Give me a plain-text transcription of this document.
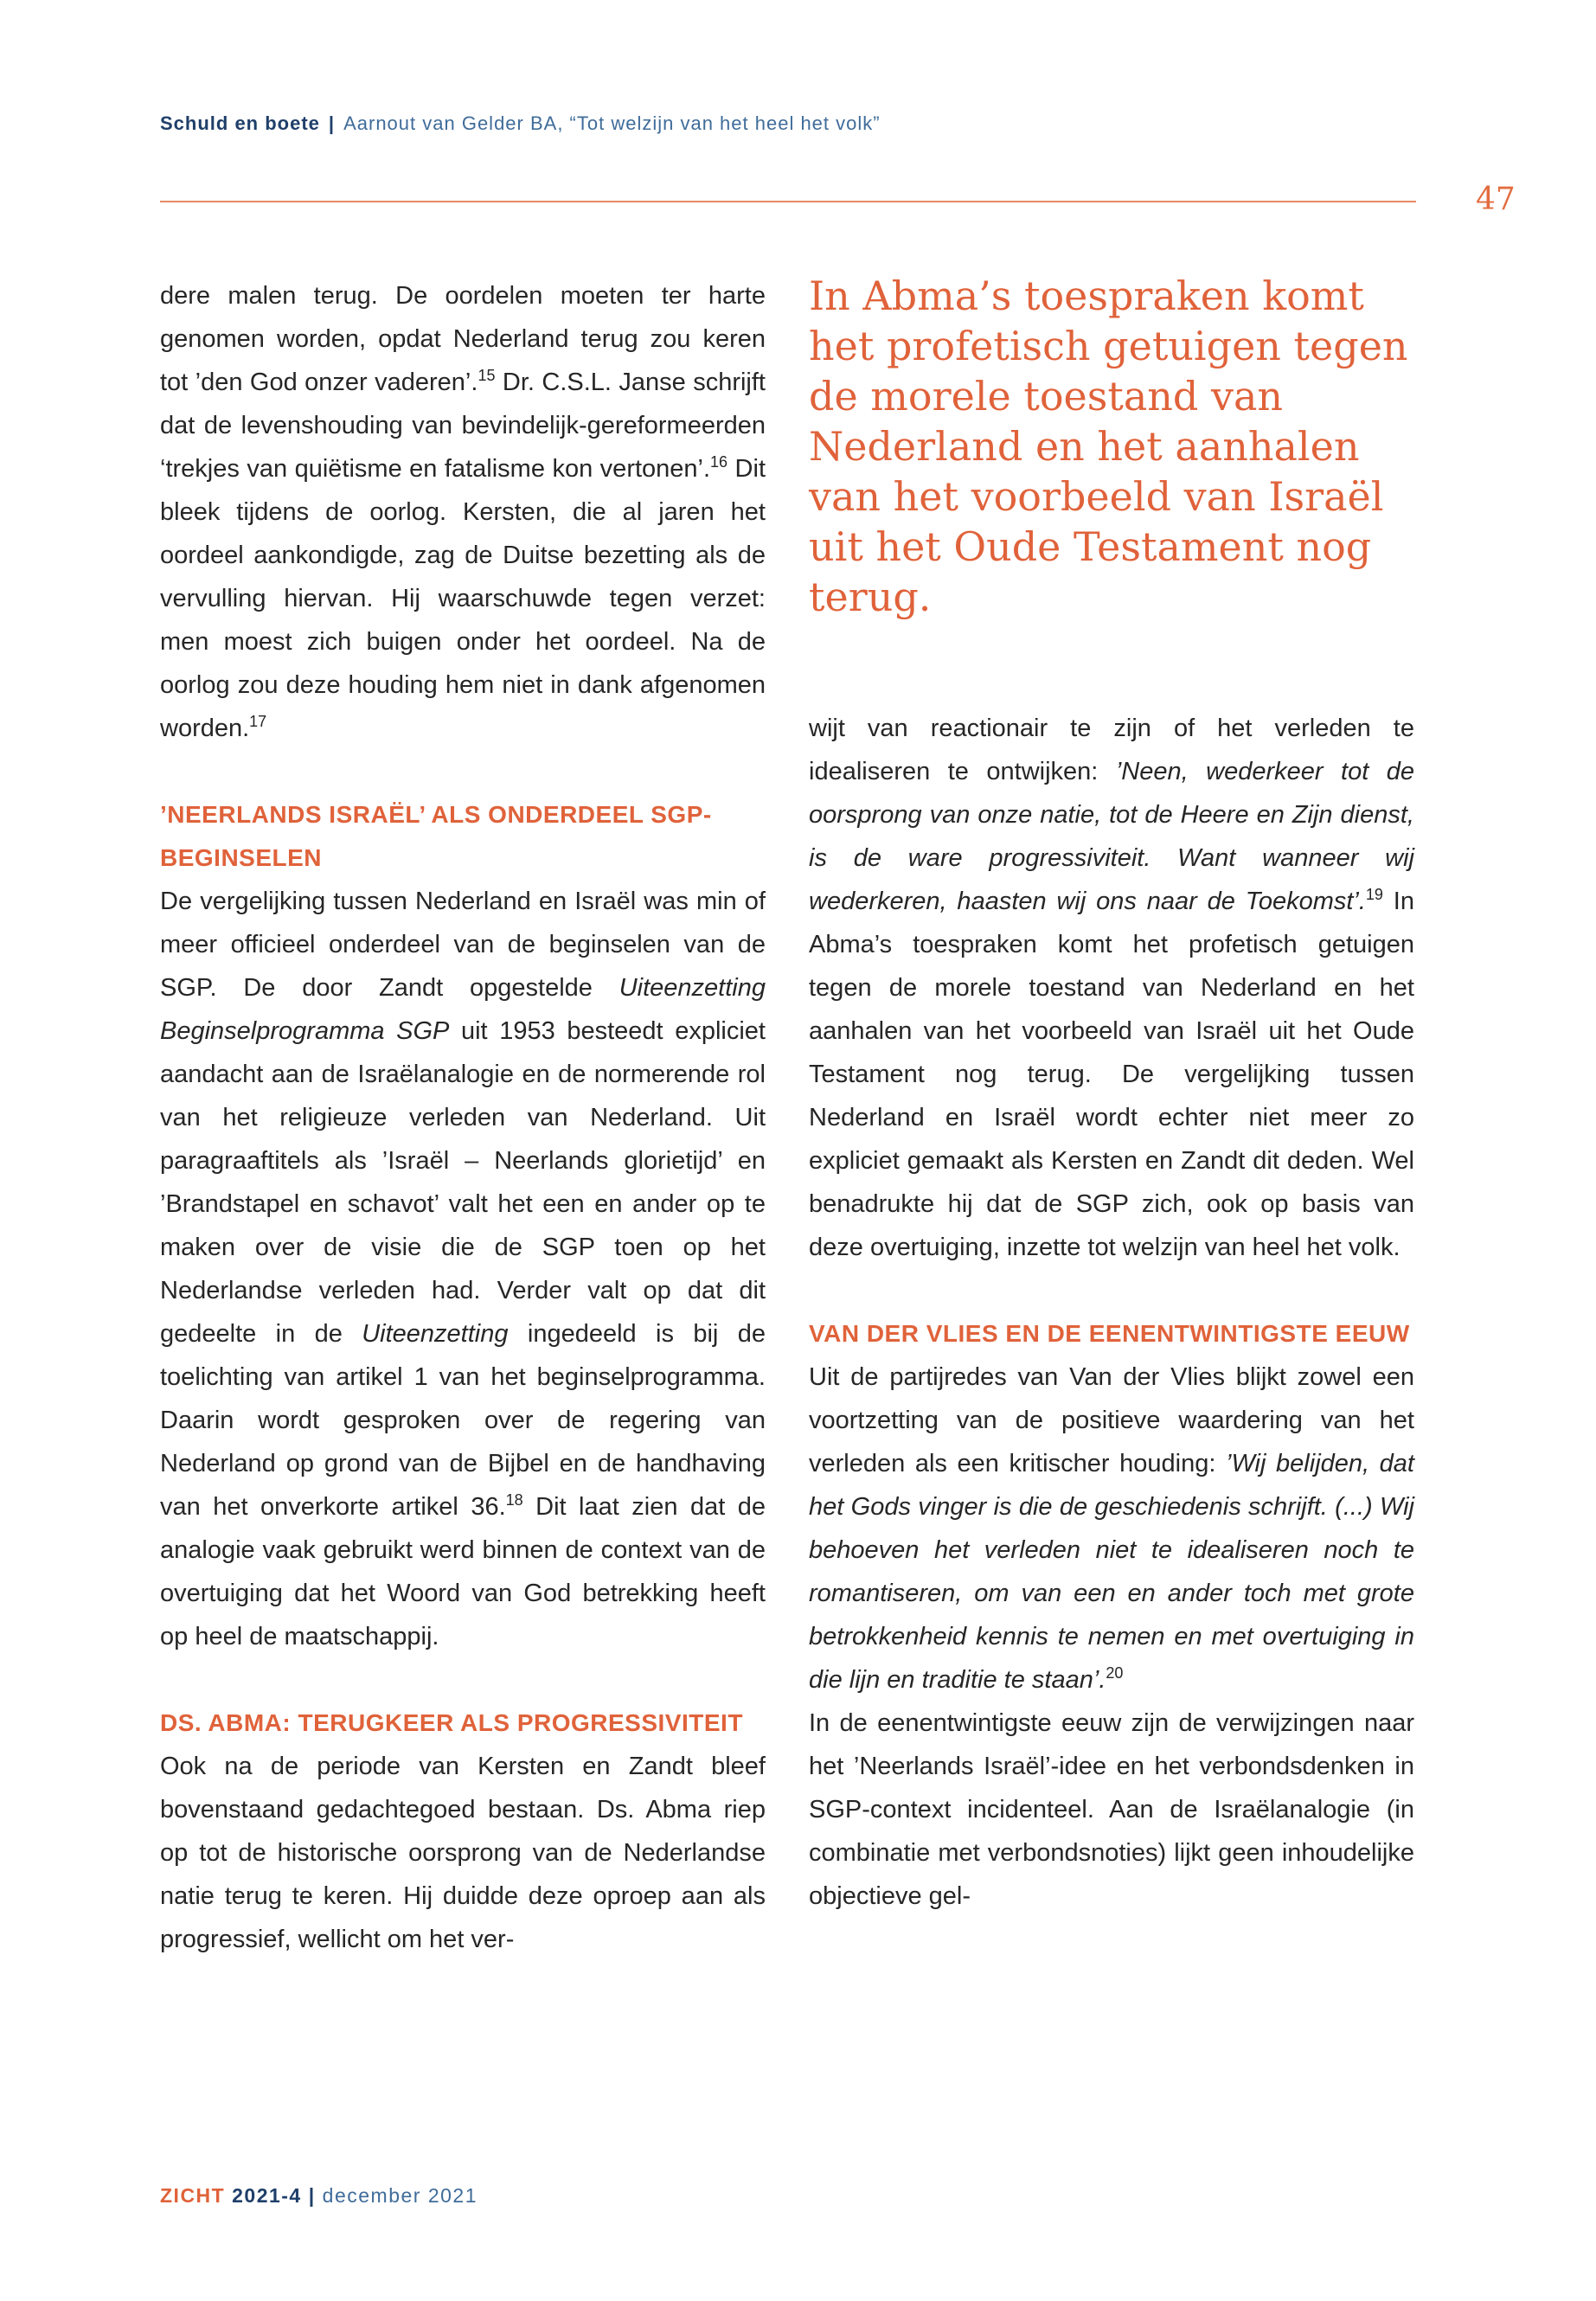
Schuld en boete | Aarnout van Gelder BA, “Tot welzijn van het heel het volk”
47

dere malen terug. De oordelen moeten ter harte genomen worden, opdat Nederland terug zou keren tot ’den God onzer vaderen’.$^{15}$ Dr. C.S.L. Janse schrijft dat de levenshouding van bevindelijk-gereformeerden ‘trekjes van quiëtisme en fatalisme kon vertonen’.$^{16}$ Dit bleek tijdens de oorlog. Kersten, die al jaren het oordeel aankondigde, zag de Duitse bezetting als de vervulling hiervan. Hij waarschuwde tegen verzet: men moest zich buigen onder het oordeel. Na de oorlog zou deze houding hem niet in dank afgenomen worden.$^{17}$

’NEERLANDS ISRAËL’ ALS ONDERDEEL SGP-BEGINSELEN

De vergelijking tussen Nederland en Israël was min of meer officieel onderdeel van de beginselen van de SGP. De door Zandt opgestelde Uiteenzetting Beginselprogramma SGP uit 1953 besteedt expliciet aandacht aan de Israëlanalogie en de normerende rol van het religieuze verleden van Nederland. Uit paragraaftitels als ’Israël – Neerlands glorietijd’ en ’Brandstapel en schavot’ valt het een en ander op te maken over de visie die de SGP toen op het Nederlandse verleden had. Verder valt op dat dit gedeelte in de Uiteenzetting ingedeeld is bij de toelichting van artikel 1 van het beginselprogramma. Daarin wordt gesproken over de regering van Nederland op grond van de Bijbel en de handhaving van het onverkorte artikel 36.18 Dit laat zien dat de analogie vaak gebruikt werd binnen de context van de overtuiging dat het Woord van God betrekking heeft op heel de maatschappij.

DS. ABMA: TERUGKEER ALS PROGRESSIVITEIT

Ook na de periode van Kersten en Zandt bleef bovenstaand gedachtegoed bestaan. Ds. Abma riep op tot de historische oorsprong van de Nederlandse natie terug te keren. Hij duidde deze oproep aan als progressief, wellicht om het ver-

In Abma’s toespraken komt
het profetisch getuigen tegen
de morele toestand van
Nederland en het aanhalen
van het voorbeeld van Israël
uit het Oude Testament nog
terug.

wijt van reactionair te zijn of het verleden te idealiseren te ontwijken: ’Neen, wederkeer tot de oorsprong van onze natie, tot de Heere en Zijn dienst, is de ware progressiviteit. Want wanneer wij wederkeren, haasten wij ons naar de Toekomst’.$^{19}$ In Abma’s toespraken komt het profetisch getuigen tegen de morele toestand van Nederland en het aanhalen van het voorbeeld van Israël uit het Oude Testament nog terug. De vergelijking tussen Nederland en Israël wordt echter niet meer zo expliciet gemaakt als Kersten en Zandt dit deden. Wel benadrukte hij dat de SGP zich, ook op basis van deze overtuiging, inzette tot welzijn van heel het volk.

VAN DER VLIES EN DE EENENTWINTIGSTE EEUW

Uit de partijredes van Van der Vlies blijkt zowel een voortzetting van de positieve waardering van het verleden als een kritischer houding: ’Wij belijden, dat het Gods vinger is die de geschiedenis schrijft. (...) Wij behoeven het verleden niet te idealiseren noch te romantiseren, om van een en ander toch met grote betrokkenheid kennis te nemen en met overtuiging in die lijn en traditie te staan’.$^{20}$

In de eenentwintigste eeuw zijn de verwijzingen naar het ’Neerlands Israël’-idee en het verbondsdenken in SGP-context incidenteel. Aan de Israëlanalogie (in combinatie met verbondsnoties) lijkt geen inhoudelijke objectieve gel-

ZICHT 2021-4 | december 2021
